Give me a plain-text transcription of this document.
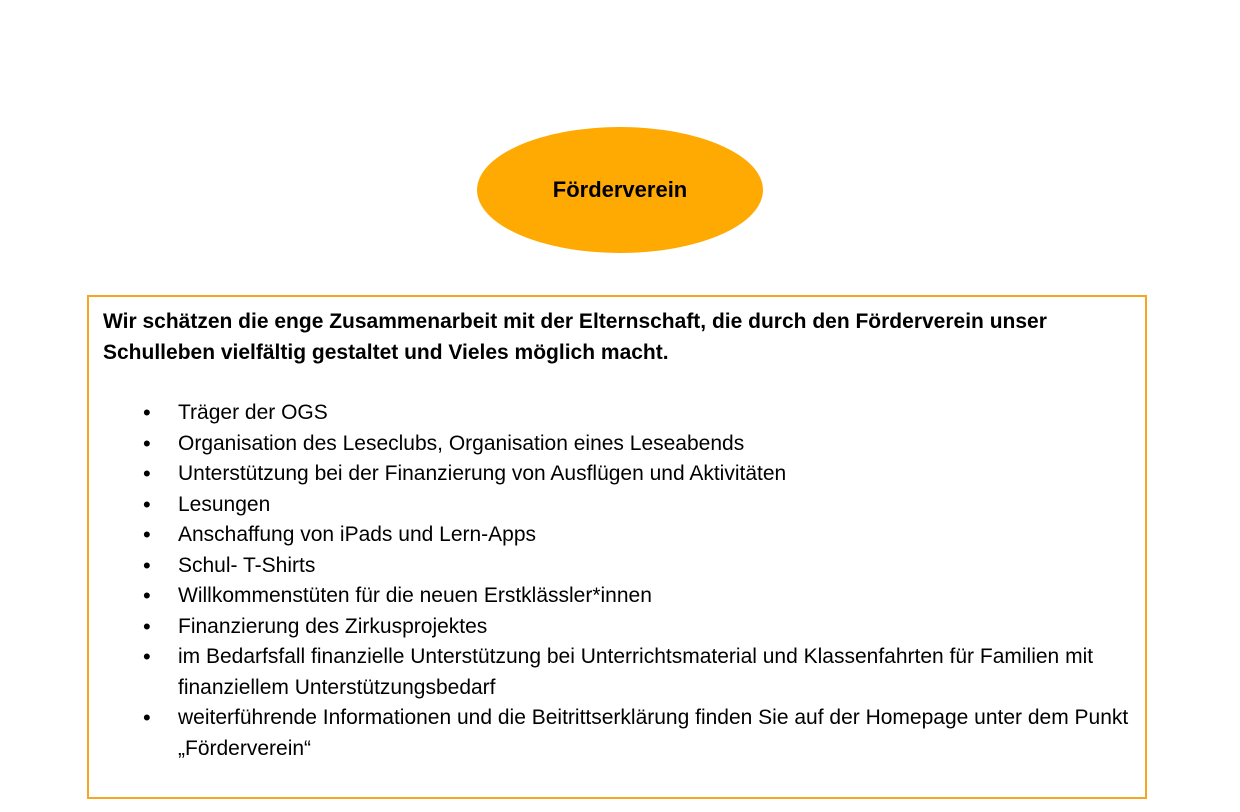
Förderverein

Wir schätzen die enge Zusammenarbeit mit der Elternschaft, die durch den Förderverein unser Schulleben vielfältig gestaltet und Vieles möglich macht.

•	Träger der OGS
•	Organisation des Leseclubs, Organisation eines Leseabends
•	Unterstützung bei der Finanzierung von Ausflügen und Aktivitäten
•	Lesungen
•	Anschaffung von iPads und Lern-Apps
•	Schul- T-Shirts
•	Willkommenstüten für die neuen Erstklässler*innen
•	Finanzierung des Zirkusprojektes
•	im Bedarfsfall finanzielle Unterstützung bei Unterrichtsmaterial und Klassenfahrten für Familien mit finanziellem Unterstützungsbedarf
•	weiterführende Informationen und die Beitrittserklärung finden Sie auf der Homepage unter dem Punkt „Förderverein“
